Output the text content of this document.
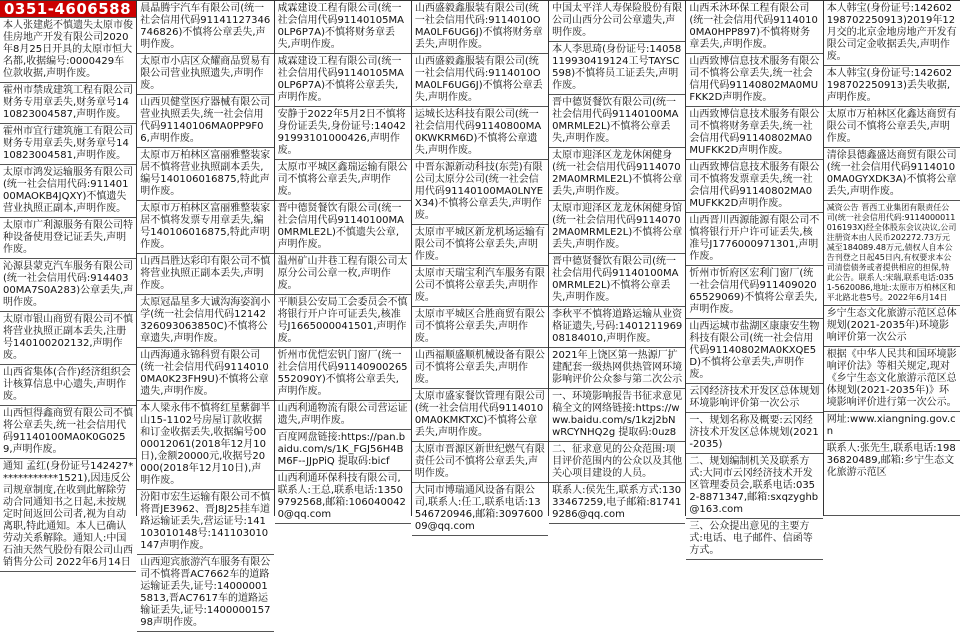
0351-4606588
本人张建彪不慎遗失太原市俊佳房地产开发有限公司2020年8月25日开具的太原市恒大名都,收据编号:0000429车位款收据,声明作废。
霍州市禁成建筑工程有限公司财务专用章丢失,财务章号1410823004587,声明作废。
霍州市宜行建筑施工有限公司财务专用章丢失,财务章号1410823004581,声明作废。
太原市鸿发运输服务有限公司(统一社会信用代码:91140100MAOKB4JQXY)不慎遗失营业执照正副本,声明作废。
太原市广利源服务有限公司特种设备使用登记证丢失,声明作废。
沁源县蒙克汽车服务有限公司(统一社会信用代码:91440300MA7S0A283)公章丢失,声明作废。
太原市银山商贸有限公司不慎将营业执照正副本丢失,注册号140100202132,声明作废。
山西省集体(合作)经济组织会计核算信息中心遗失,声明作废。
山西恒得鑫商贸有限公司不慎将公章丢失,统一社会信用代码91140100MA0K0G0259,声明作废。
通知 孟红(身份证号142427************1521),因违反公司规章制度,在收到此解除劳动合同通知书之日起,未按规定时间返回公司者,视为自动离职,特此通知。本人已确认劳动关系解除。通知人:中国石油天然气股份有限公司山西销售分公司 2022年6月14日
晨晶腾宇汽车有限公司(统一社会信用代码91141127346746826)不慎将公章丢失,声明作废。
太原市小店区众耀商品贸易有限公司营业执照遗失,声明作废。
山西贝健堂医疗器械有限公司营业执照丢失,统一社会信用代码91140106MA0PP9F06,声明作废。
太原市万柏林区富丽雅整装家居不慎将营业执照副本丢失,编号140106016875,特此声明作废。
太原市万柏林区富丽雅整装家居不慎将发票专用章丢失,编号140106016875,特此声明作废。
山西昌胜达彩印有限公司不慎将营业执照正副本丢失,声明作废。
太原冠晶星多大诚沟海姿润小学(统一社会信用代码12142326093063850C)不慎将公章遗失,声明作废。
山西海通永锦科贸有限公司(统一社会信用代码91140100MA0K23FH9U)不慎将公章遗失,声明作废。
本人梁永伟不慎将红星紫御半山15-1102号房屋订款收据和订金收据丢失,收据编号0000012061(2018年12月10日),金额20000元,收据号20000(2018年12月10日),声明作废。
汾阳市宏生运输有限公司不慎将晋JE3962、晋J8J25挂车道路运输证丢失,营运证号:141103010148号:141103010147声明作废。
山西迎宾旅游汽车服务有限公司不慎将晋AC7662车的道路运输证丢失,证号:140000015813,晋AC7617车的道路运输证丢失,证号:140000015798声明作废。
咸霖建设工程有限公司(统一社会信用代码91140105MA0LP6P7A)不慎将财务章丢失,声明作废。
咸霖建设工程有限公司(统一社会信用代码91140105MA0LP6P7A)不慎将公章丢失,声明作废。
安静于2022年5月2日不慎将身份证丢失,身份证号:1404291993101000426,声明作废。
太原市平城区鑫瑞运输有限公司不慎将公章丢失,声明作废。
晋中德贤餐饮有限公司(统一社会信用代码91140100MA0MRMLE2L)不慎遗失公章,声明作废。
温州矿山井巷工程有限公司太原分公司公章一枚,声明作废。
平顺县公安局工会委员会不慎将银行开户许可证丢失,核准号J1665000041501,声明作废。
忻州市优恺宏钒门窗厂(统一社会信用代码91140900265552090Y)不慎将公章丢失,声明作废。
山西利通物流有限公司营运证遗失,声明作废。
百度网盘链接:https://pan.baidu.com/s/1K_FGJ56H4BM6F--JJpPiQ 提取码:bicf
山西利通环保科技有限公司,联系人:王总,联系电话:13509792568,邮箱:1060400420@qq.com
山西盛毅鑫服装有限公司(统一社会信用代码:9114010OMA0LF6UG6J)不慎将财务章丢失,声明作废。
山西盛毅鑫服装有限公司(统一社会信用代码:9114010OMA0LF6UG6J)不慎将公章丢失,声明作废。
运城长达科技有限公司(统一社会信用代码91140800MA0KWKRM6D)不慎将公章遗失,声明作废。
中晋东源新动科技(东莞)有限公司太原分公司(统一社会信用代码91140100MA0LNYEX34)不慎将公章丢失,声明作废。
太原市平城区新龙机场运输有限公司不慎将公章丢失,声明作废。
太原市天瑞宝利汽车服务有限公司不慎将公章丢失,声明作废。
太原市平城区合胜商贸有限公司不慎将公章丢失,声明作废。
山西福顺盛顺机械设备有限公司不慎将公章丢失,声明作废。
太原市盛家餐饮管理有限公司(统一社会信用代码91140100MA0KMKTXC)不慎将公章丢失,声明作废。
太原市晋源区新世纪燃气有限责任公司不慎将公章丢失,声明作废。
大同市博瑞通风设备有限公司,联系人:任工,联系电话:13546720946,邮箱:309760009@qq.com
中国太平洋人寿保险股份有限公司山西分公司公章遗失,声明作废。
本人李思琦(身份证号:14058119930419124工号TAYSC598)不慎将员工证丢失,声明作废。
晋中德贤餐饮有限公司(统一社会信用代码91140100MA0MRMLE2L)不慎将公章丢失,声明作废。
太原市迎泽区龙龙休闲健身(统一社会信用代码91140702MA0MRMLE2L)不慎将公章丢失,声明作废。
太原市迎泽区龙龙休闲健身馆(统一社会信用代码91140702MA0MRMLE2L)不慎将公章丢失,声明作废。
晋中德贤餐饮有限公司(统一社会信用代码91140100MA0MRMLE2L)不慎将公章丢失,声明作废。
李秋平不慎将道路运输从业资格证遗失,号码:140121196908184010,声明作废。
2021年上饶区第一热源厂扩建配套一级热网供热管网环境影响评价公众参与第二次公示
一、环境影响报告书征求意见稿全文的网络链接:https://www.baidu.com/s/1kzj2bNwRCYNHQ2g 提取码:0uz8
二、征求意见的公众范围:项目评价范围内的公众以及其他关心项目建设的人员。
联系人:侯先生,联系方式:13033467259,电子邮箱:817419286@qq.com
山西禾沐环保工程有限公司(统一社会信用代码91140100MA0HPP897)不慎将财务章丢失,声明作废。
山西致博信息技术服务有限公司不慎将公章丢失,统一社会信用代码91140802MA0MUFKK2D声明作废。
山西致博信息技术服务有限公司不慎将财务章丢失,统一社会信用代码91140802MA0MUFKK2D声明作废。
山西致博信息技术服务有限公司不慎将发票章丢失,统一社会信用代码91140802MA0MUFKK2D声明作废。
山西晋川西源能源有限公司不慎将银行开户许可证丢失,核准号J1776000971301,声明作废。
忻州市忻府区宏利门窗厂(统一社会信用代码91140902065529069)不慎将公章丢失,声明作废。
山西运城市盐湖区康康安生物科技有限公司(统一社会信用代码91140802MA0KXQE5D)不慎将公章丢失,声明作废。
云冈经济技术开发区总体规划环境影响评价第一次公示
一、规划名称及概要:云冈经济技术开发区总体规划(2021-2035)
二、规划编制机关及联系方式:大同市云冈经济技术开发区管理委员会,联系电话:0352-8871347,邮箱:sxqzyghb@163.com
三、公众提出意见的主要方式:电话、电子邮件、信函等方式。
本人韩宝(身份证号:142602198702250913)2019年12月交的北京金地房地产开发有限公司定金收据丢失,声明作废。
本人韩宝(身份证号:142602198702250913)丢失收据,声明作废。
太原市万柏林区化鑫达商贸有限公司不慎将公章丢失,声明作废。
清徐县德鑫盛达商贸有限公司(统一社会信用代码91140100MA0GYXDK3A)不慎将公章丢失,声明作废。
减资公告 晋西工业集团有限责任公司(统一社会信用代码:9114000011016193X)经全体股东会议决议,公司注册资本由人民币202272.73万元减至184089.48万元,债权人自本公告刊登之日起45日内,有权要求本公司清偿债务或者提供相应的担保,特此公告。联系人:宋瑞,联系电话:0351-5620086,地址:太原市万柏林区和平北路北巷5号。2022年6月14日
乡宁生态文化旅游示范区总体规划(2021-2035年)环境影响评价第一次公示
根据《中华人民共和国环境影响评价法》等相关规定,现对《乡宁生态文化旅游示范区总体规划(2021-2035年)》环境影响评价进行第一次公示。
网址:www.xiangning.gov.cn
联系人:张先生,联系电话:19836820489,邮箱:乡宁生态文化旅游示范区
